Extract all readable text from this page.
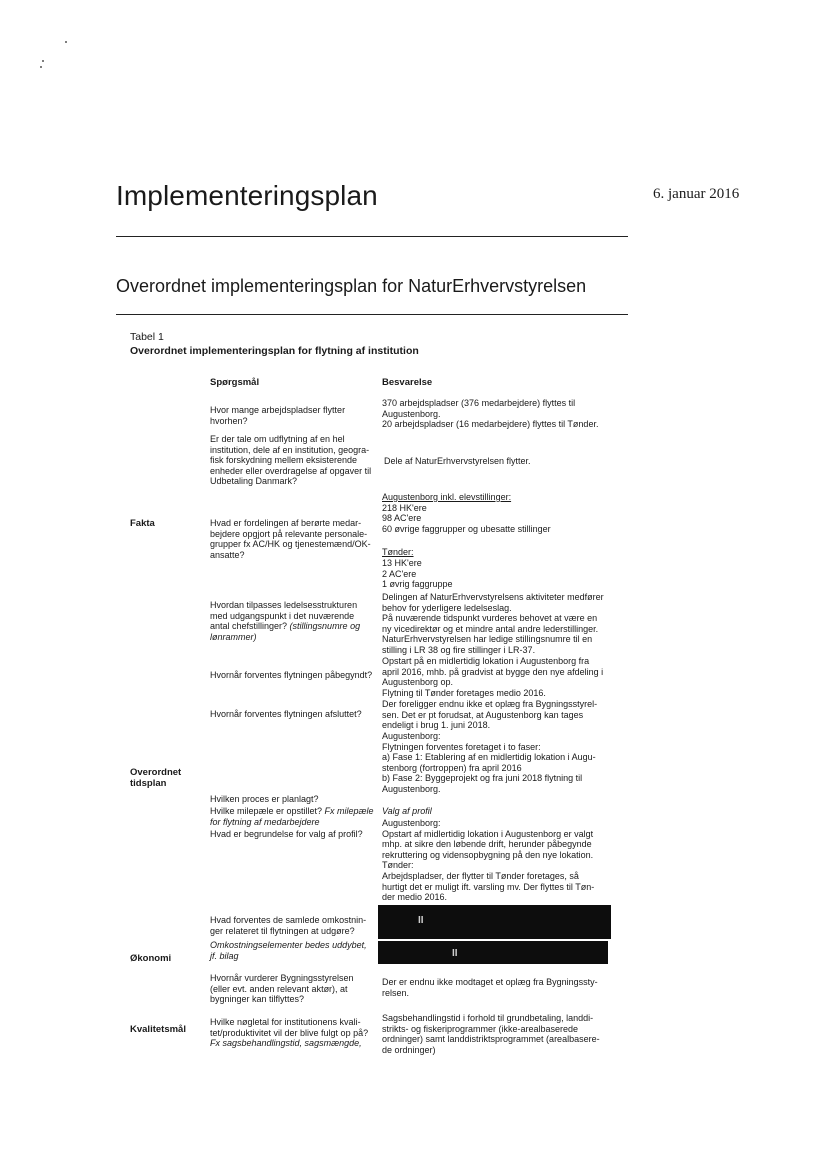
Implementeringsplan	6. januar 2016
Overordnet implementeringsplan for NaturErhvervstyrelsen
Tabel 1
Overordnet implementeringsplan for flytning af institution
Spørgsmål	Besvarelse
Fakta
Overordnet
tidsplan
Økonomi
Kvalitetsmål
Hvor mange arbejdspladser flytter
hvorhen?
Er der tale om udflytning af en hel
institution, dele af en institution, geogra-
fisk forskydning mellem eksisterende
enheder eller overdragelse af opgaver til
Udbetaling Danmark?
Hvad er fordelingen af berørte medar-
bejdere opgjort på relevante personale-
grupper fx AC/HK og tjenestemænd/OK-
ansatte?
Hvordan tilpasses ledelsesstrukturen
med udgangspunkt i det nuværende
antal chefstillinger? (stillingsnumre og
lønrammer)
Hvornår forventes flytningen påbegyndt?
Hvornår forventes flytningen afsluttet?
Hvilken proces er planlagt?
Hvilke milepæle er opstillet? Fx milepæle
for flytning af medarbejdere
Hvad er begrundelse for valg af profil?
Hvad forventes de samlede omkostnin-
ger relateret til flytningen at udgøre?
Omkostningselementer bedes uddybet,
jf. bilag
Hvornår vurderer Bygningsstyrelsen
(eller evt. anden relevant aktør), at
bygninger kan tilflyttes?
Hvilke nøgletal for institutionens kvali-
tet/produktivitet vil der blive fulgt op på?
Fx sagsbehandlingstid, sagsmængde,
370 arbejdspladser (376 medarbejdere) flyttes til
Augustenborg.
20 arbejdspladser (16 medarbejdere) flyttes til Tønder.
Dele af NaturErhvervstyrelsen flytter.
Augustenborg inkl. elevstillinger:
218 HK'ere
98 AC'ere
60 øvrige faggrupper og ubesatte stillinger
Tønder:
13 HK'ere
2 AC'ere
1 øvrig faggruppe
Delingen af NaturErhvervstyrelsens aktiviteter medfører
behov for yderligere ledelseslag.
På nuværende tidspunkt vurderes behovet at være en
ny vicedirektør og et mindre antal andre lederstillinger.
NaturErhvervstyrelsen har ledige stillingsnumre til en
stilling i LR 38 og fire stillinger i LR-37.
Opstart på en midlertidig lokation i Augustenborg fra
april 2016, mhb. på gradvist at bygge den nye afdeling i
Augustenborg op.
Flytning til Tønder foretages medio 2016.
Der foreligger endnu ikke et oplæg fra Bygningsstyrel-
sen. Det er pt forudsat, at Augustenborg kan tages
endeligt i brug 1. juni 2018.
Augustenborg:
Flytningen forventes foretaget i to faser:
a) Fase 1: Etablering af en midlertidig lokation i Augu-
stenborg (fortroppen) fra april 2016
b) Fase 2: Byggeprojekt og fra juni 2018 flytning til
Augustenborg.
Valg af profil
Augustenborg:
Opstart af midlertidig lokation i Augustenborg er valgt
mhp. at sikre den løbende drift, herunder påbegynde
rekruttering og vidensopbygning på den nye lokation.
Tønder:
Arbejdspladser, der flytter til Tønder foretages, så
hurtigt det er muligt ift. varsling mv. Der flyttes til Tøn-
der medio 2016.
II
II
Der er endnu ikke modtaget et oplæg fra Bygningssty-
relsen.
Sagsbehandlingstid i forhold til grundbetaling, landdi-
strikts- og fiskeriprogrammer (ikke-arealbaserede
ordninger) samt landdistriktsprogrammet (arealbasere-
de ordninger)
